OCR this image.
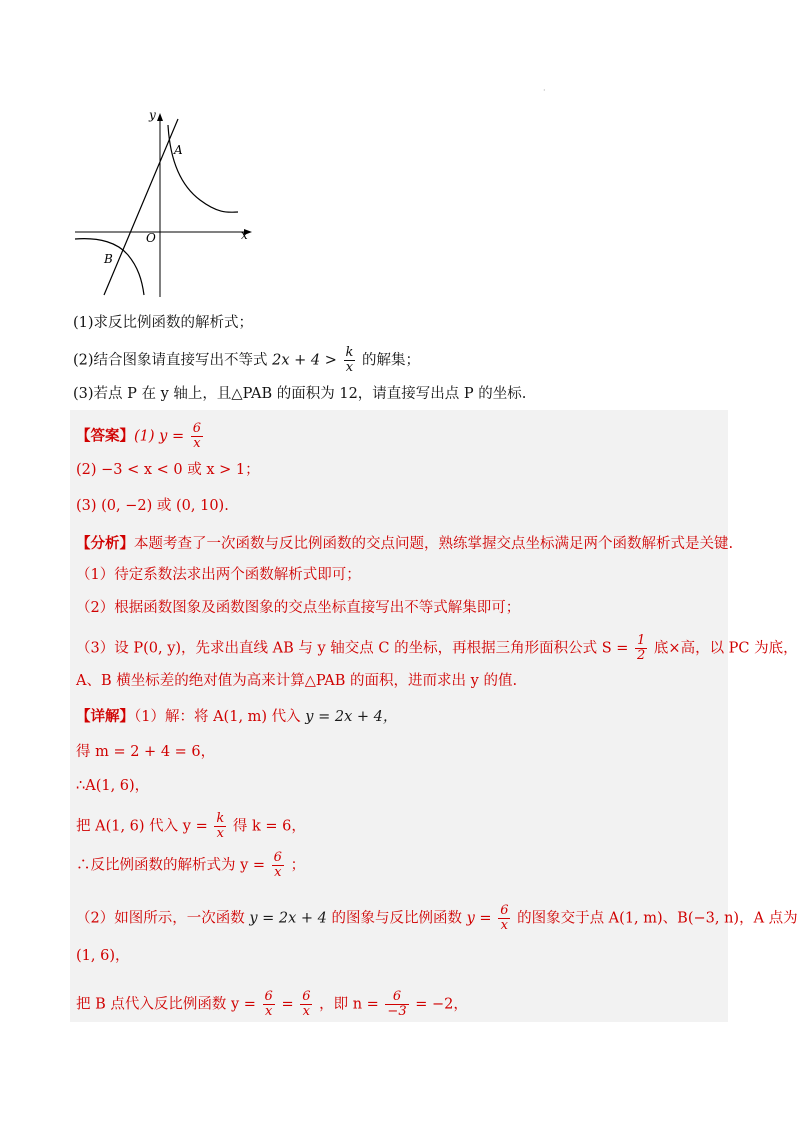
·
y
x
O
A
B
(1)求反比例函数的解析式；
(2)结合图象请直接写出不等式 $2x + 4 > \frac{k}{x}$ 的解集；
(3)若点 P 在 y 轴上，且△PAB 的面积为 12，请直接写出点 P 的坐标.
【答案】(1) $y = \frac{6}{x}$
(2) −3 < x < 0 或 x > 1；
(3) (0, −2) 或 (0, 10).
【分析】本题考查了一次函数与反比例函数的交点问题，熟练掌握交点坐标满足两个函数解析式是关键.
（1）待定系数法求出两个函数解析式即可；
（2）根据函数图象及函数图象的交点坐标直接写出不等式解集即可；
（3）设 P(0, y)，先求出直线 AB 与 y 轴交点 C 的坐标，再根据三角形面积公式 $S = \frac{1}{2}$ 底×高，以 PC 为底，
A、B 横坐标差的绝对值为高来计算△PAB 的面积，进而求出 y 的值.
【详解】（1）解：将 A(1, m) 代入 y = 2x + 4，
得 m = 2 + 4 = 6，
∴A(1, 6)，
把 A(1, 6) 代入 $y = \frac{k}{x}$ 得 k = 6，
∴反比例函数的解析式为 $y = \frac{6}{x}$ ；
（2）如图所示，一次函数 y = 2x + 4 的图象与反比例函数 $y = \frac{6}{x}$ 的图象交于点 A(1, m)、B(−3, n)，A 点为
(1, 6)，
把 B 点代入反比例函数 $y = \frac{6}{x} = \frac{6}{x}$ ，即 $n = \frac{6}{-3} = -2$，
